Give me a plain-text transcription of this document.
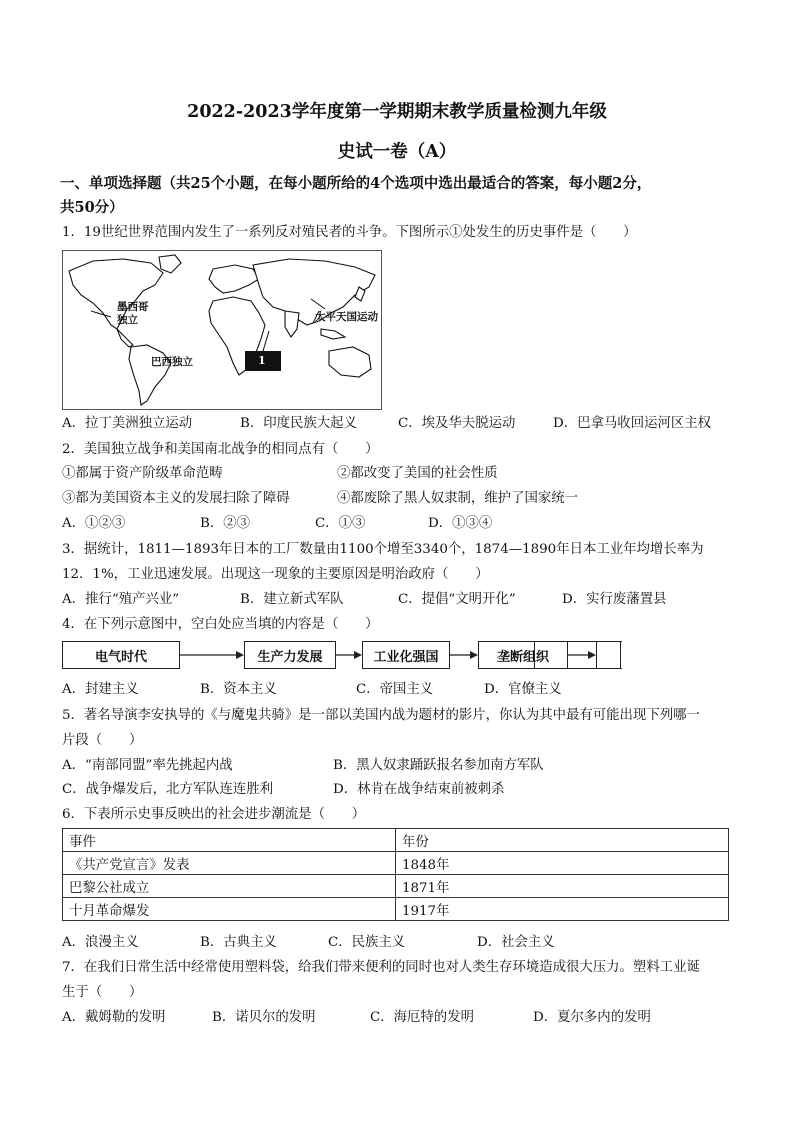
2022-2023学年度第一学期期末教学质量检测九年级
史试一卷（A）
一、单项选择题（共25个小题，在每小题所给的4个选项中选出最适合的答案，每小题2分，
共50分）
1．19世纪世界范围内发生了一系列反对殖民者的斗争。下图所示①处发生的历史事件是（　　）
墨西哥
独立
巴西独立
太平天国运动
1
A．拉丁美洲独立运动	B．印度民族大起义	C．埃及华夫脱运动	D．巴拿马收回运河区主权
2．美国独立战争和美国南北战争的相同点有（　　）
①都属于资产阶级革命范畴	②都改变了美国的社会性质
③都为美国资本主义的发展扫除了障碍	④都废除了黑人奴隶制，维护了国家统一
A．①②③	B．②③	C．①③	D．①③④
3．据统计，1811—1893年日本的工厂数量由1100个增至3340个，1874—1890年日本工业年均增长率为
12．1%，工业迅速发展。出现这一现象的主要原因是明治政府（　　）
A．推行“殖产兴业”	B．建立新式军队	C．提倡“文明开化”	D．实行废藩置县
4．在下列示意图中，空白处应当填的内容是（　　）
电气时代	生产力发展	工业化强国	垄断组织
A．封建主义	B．资本主义	C．帝国主义	D．官僚主义
5．著名导演李安执导的《与魔鬼共骑》是一部以美国内战为题材的影片，你认为其中最有可能出现下列哪一
片段（　　）
A．“南部同盟”率先挑起内战	B．黑人奴隶踊跃报名参加南方军队
C．战争爆发后，北方军队连连胜利	D．林肯在战争结束前被刺杀
6．下表所示史事反映出的社会进步潮流是（　　）
事件	年份
《共产党宣言》发表	1848年
巴黎公社成立	1871年
十月革命爆发	1917年
A．浪漫主义	B．古典主义	C．民族主义	D．社会主义
7．在我们日常生活中经常使用塑料袋，给我们带来便利的同时也对人类生存环境造成很大压力。塑料工业诞
生于（　　）
A．戴姆勒的发明	B．诺贝尔的发明	C．海厄特的发明	D．夏尔多内的发明
